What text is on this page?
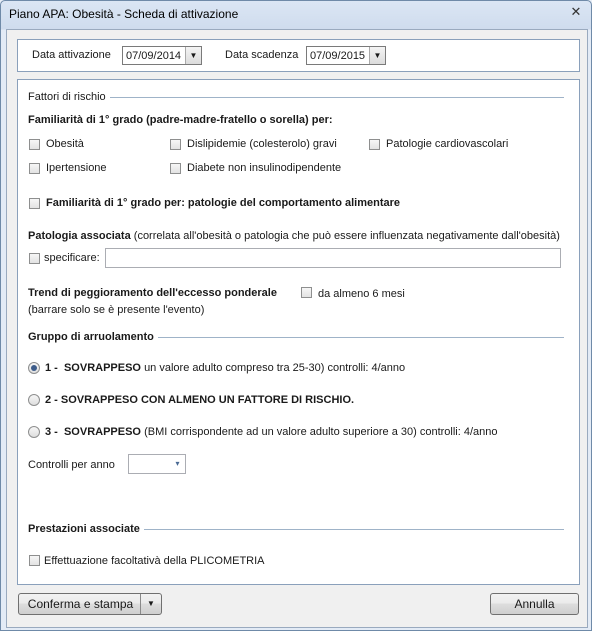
Piano APA: Obesità - Scheda di attivazione	✕
Data attivazione 07/09/2014	▼	Data scadenza 07/09/2015	▼
Fattori di rischio
Familiarità di 1° grado (padre-madre-fratello o sorella) per:
Obesità	Dislipidemie (colesterolo) gravi	Patologie cardiovascolari
Ipertensione	Diabete non insulinodipendente
Familiarità di 1° grado per: patologie del comportamento alimentare
Patologia associata (correlata all'obesità o patologia che può essere influenzata negativamente dall'obesità)
specificare:
Trend di peggioramento dell'eccesso ponderale	da almeno 6 mesi
(barrare solo se è presente l'evento)
Gruppo di arruolamento
1 - SOVRAPPESO un valore adulto compreso tra 25-30) controlli: 4/anno
2 - SOVRAPPESO CON ALMENO UN FATTORE DI RISCHIO.
3 - SOVRAPPESO (BMI corrispondente ad un valore adulto superiore a 30) controlli: 4/anno
Controlli per anno	▾
Prestazioni associate
Effettuazione facoltativà della PLICOMETRIA
Conferma e stampa	▼	Annulla
